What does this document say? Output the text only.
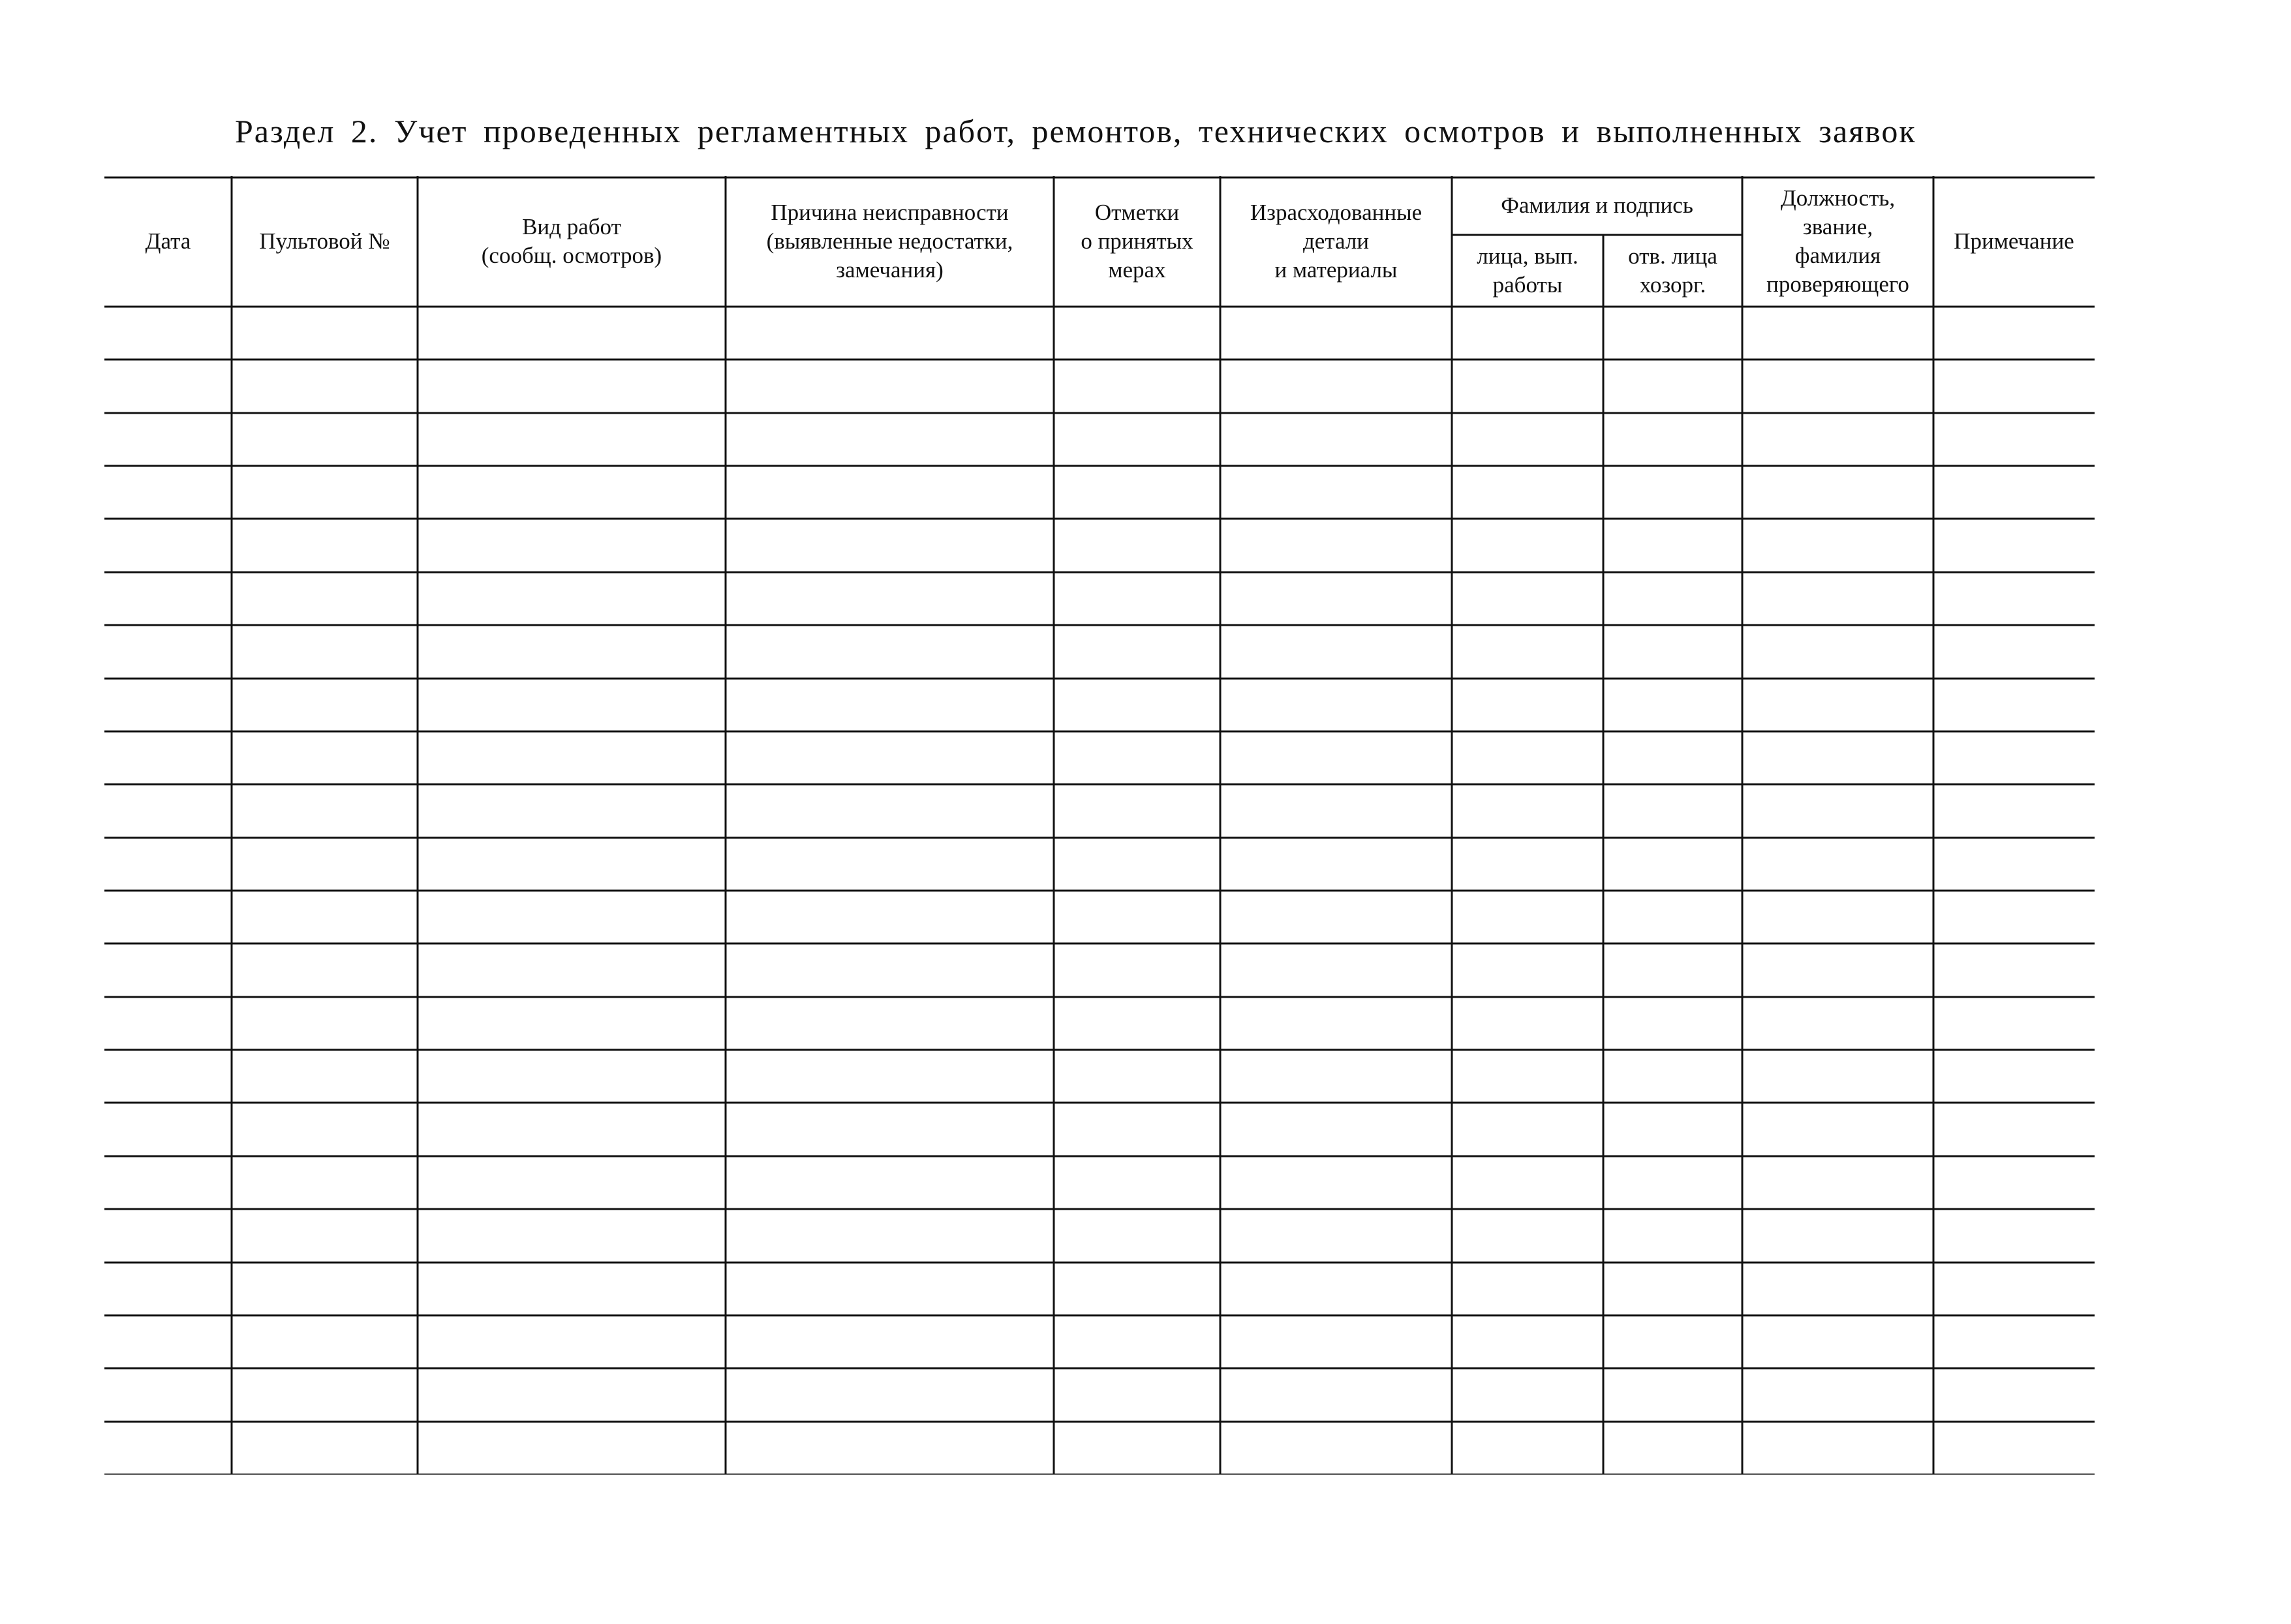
Раздел 2. Учет проведенных регламентных работ, ремонтов, технических осмотров и выполненных заявок
Дата	Пультовой №
Вид работ
(сообщ. осмотров)
Причина неисправности
(выявленные недостатки,
замечания)
Отметки
о принятых
мерах
Израсходованные
детали
и материалы
Фамилия и подпись
лица, вып.
работы
отв. лица
хозорг.
Должность,
звание,
фамилия
проверяющего
Примечание
